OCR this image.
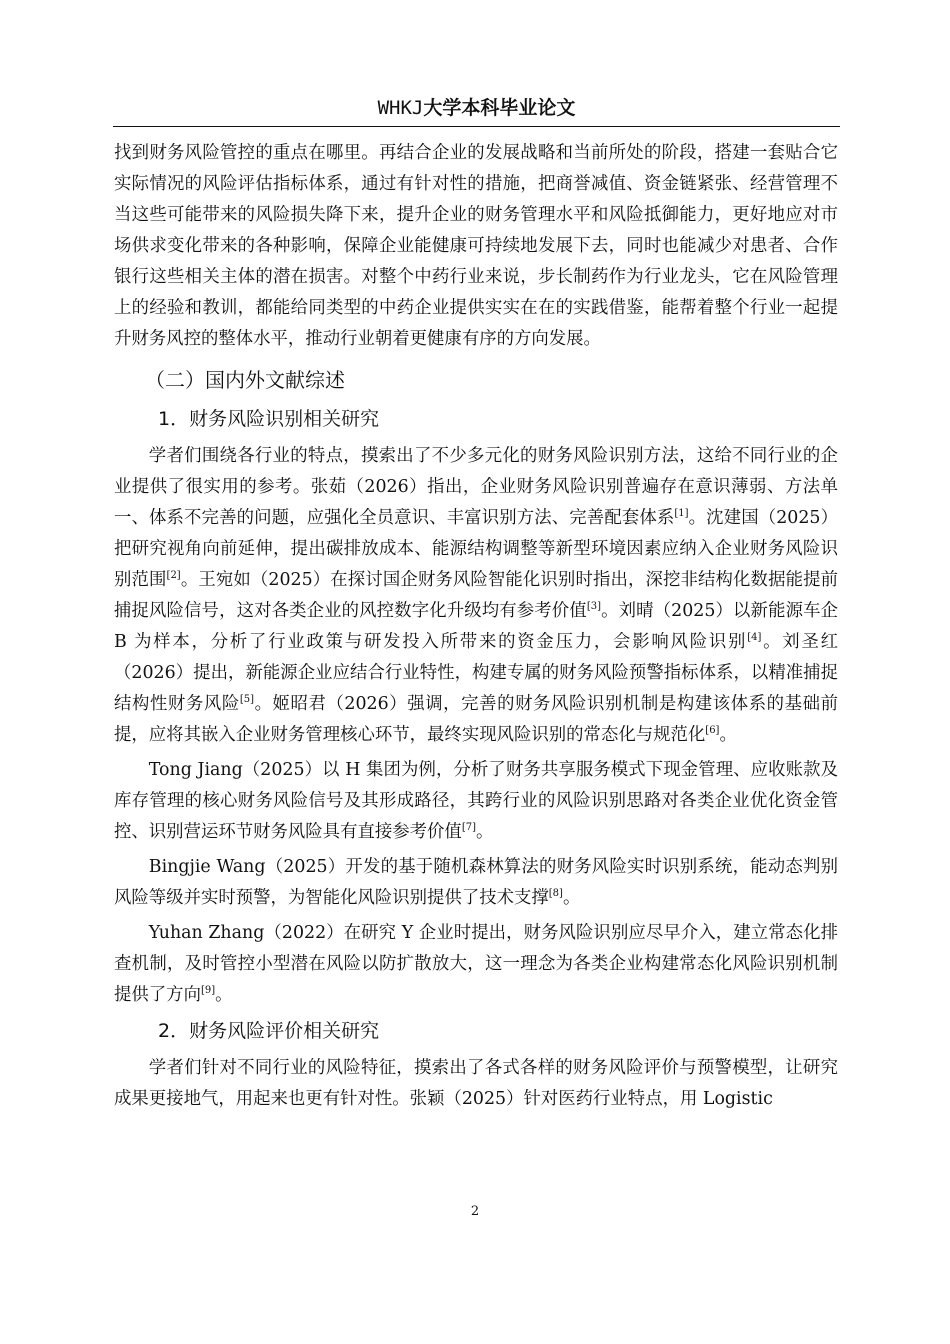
WHKJ大学本科毕业论文

找到财务风险管控的重点在哪里。再结合企业的发展战略和当前所处的阶段，搭建一套贴合它实际情况的风险评估指标体系，通过有针对性的措施，把商誉减值、资金链紧张、经营管理不当这些可能带来的风险损失降下来，提升企业的财务管理水平和风险抵御能力，更好地应对市场供求变化带来的各种影响，保障企业能健康可持续地发展下去，同时也能减少对患者、合作银行这些相关主体的潜在损害。对整个中药行业来说，步长制药作为行业龙头，它在风险管理上的经验和教训，都能给同类型的中药企业提供实实在在的实践借鉴，能帮着整个行业一起提升财务风控的整体水平，推动行业朝着更健康有序的方向发展。

（二）国内外文献综述
1．财务风险识别相关研究

学者们围绕各行业的特点，摸索出了不少多元化的财务风险识别方法，这给不同行业的企业提供了很实用的参考。张茹（2026）指出，企业财务风险识别普遍存在意识薄弱、方法单一、体系不完善的问题，应强化全员意识、丰富识别方法、完善配套体系[1]。沈建国（2025）把研究视角向前延伸，提出碳排放成本、能源结构调整等新型环境因素应纳入企业财务风险识别范围[2]。王宛如（2025）在探讨国企财务风险智能化识别时指出，深挖非结构化数据能提前捕捉风险信号，这对各类企业的风控数字化升级均有参考价值[3]。刘晴（2025）以新能源车企 B 为样本，分析了行业政策与研发投入所带来的资金压力，会影响风险识别[4]。刘圣红（2026）提出，新能源企业应结合行业特性，构建专属的财务风险预警指标体系，以精准捕捉结构性财务风险[5]。姬昭君（2026）强调，完善的财务风险识别机制是构建该体系的基础前提，应将其嵌入企业财务管理核心环节，最终实现风险识别的常态化与规范化[6]。

Tong Jiang（2025）以 H 集团为例，分析了财务共享服务模式下现金管理、应收账款及库存管理的核心财务风险信号及其形成路径，其跨行业的风险识别思路对各类企业优化资金管控、识别营运环节财务风险具有直接参考价值[7]。

Bingjie Wang（2025）开发的基于随机森林算法的财务风险实时识别系统，能动态判别风险等级并实时预警，为智能化风险识别提供了技术支撑[8]。

Yuhan Zhang（2022）在研究 Y 企业时提出，财务风险识别应尽早介入，建立常态化排查机制，及时管控小型潜在风险以防扩散放大，这一理念为各类企业构建常态化风险识别机制提供了方向[9]。

2．财务风险评价相关研究

学者们针对不同行业的风险特征，摸索出了各式各样的财务风险评价与预警模型，让研究成果更接地气，用起来也更有针对性。张颖（2025）针对医药行业特点，用 Logistic

2
